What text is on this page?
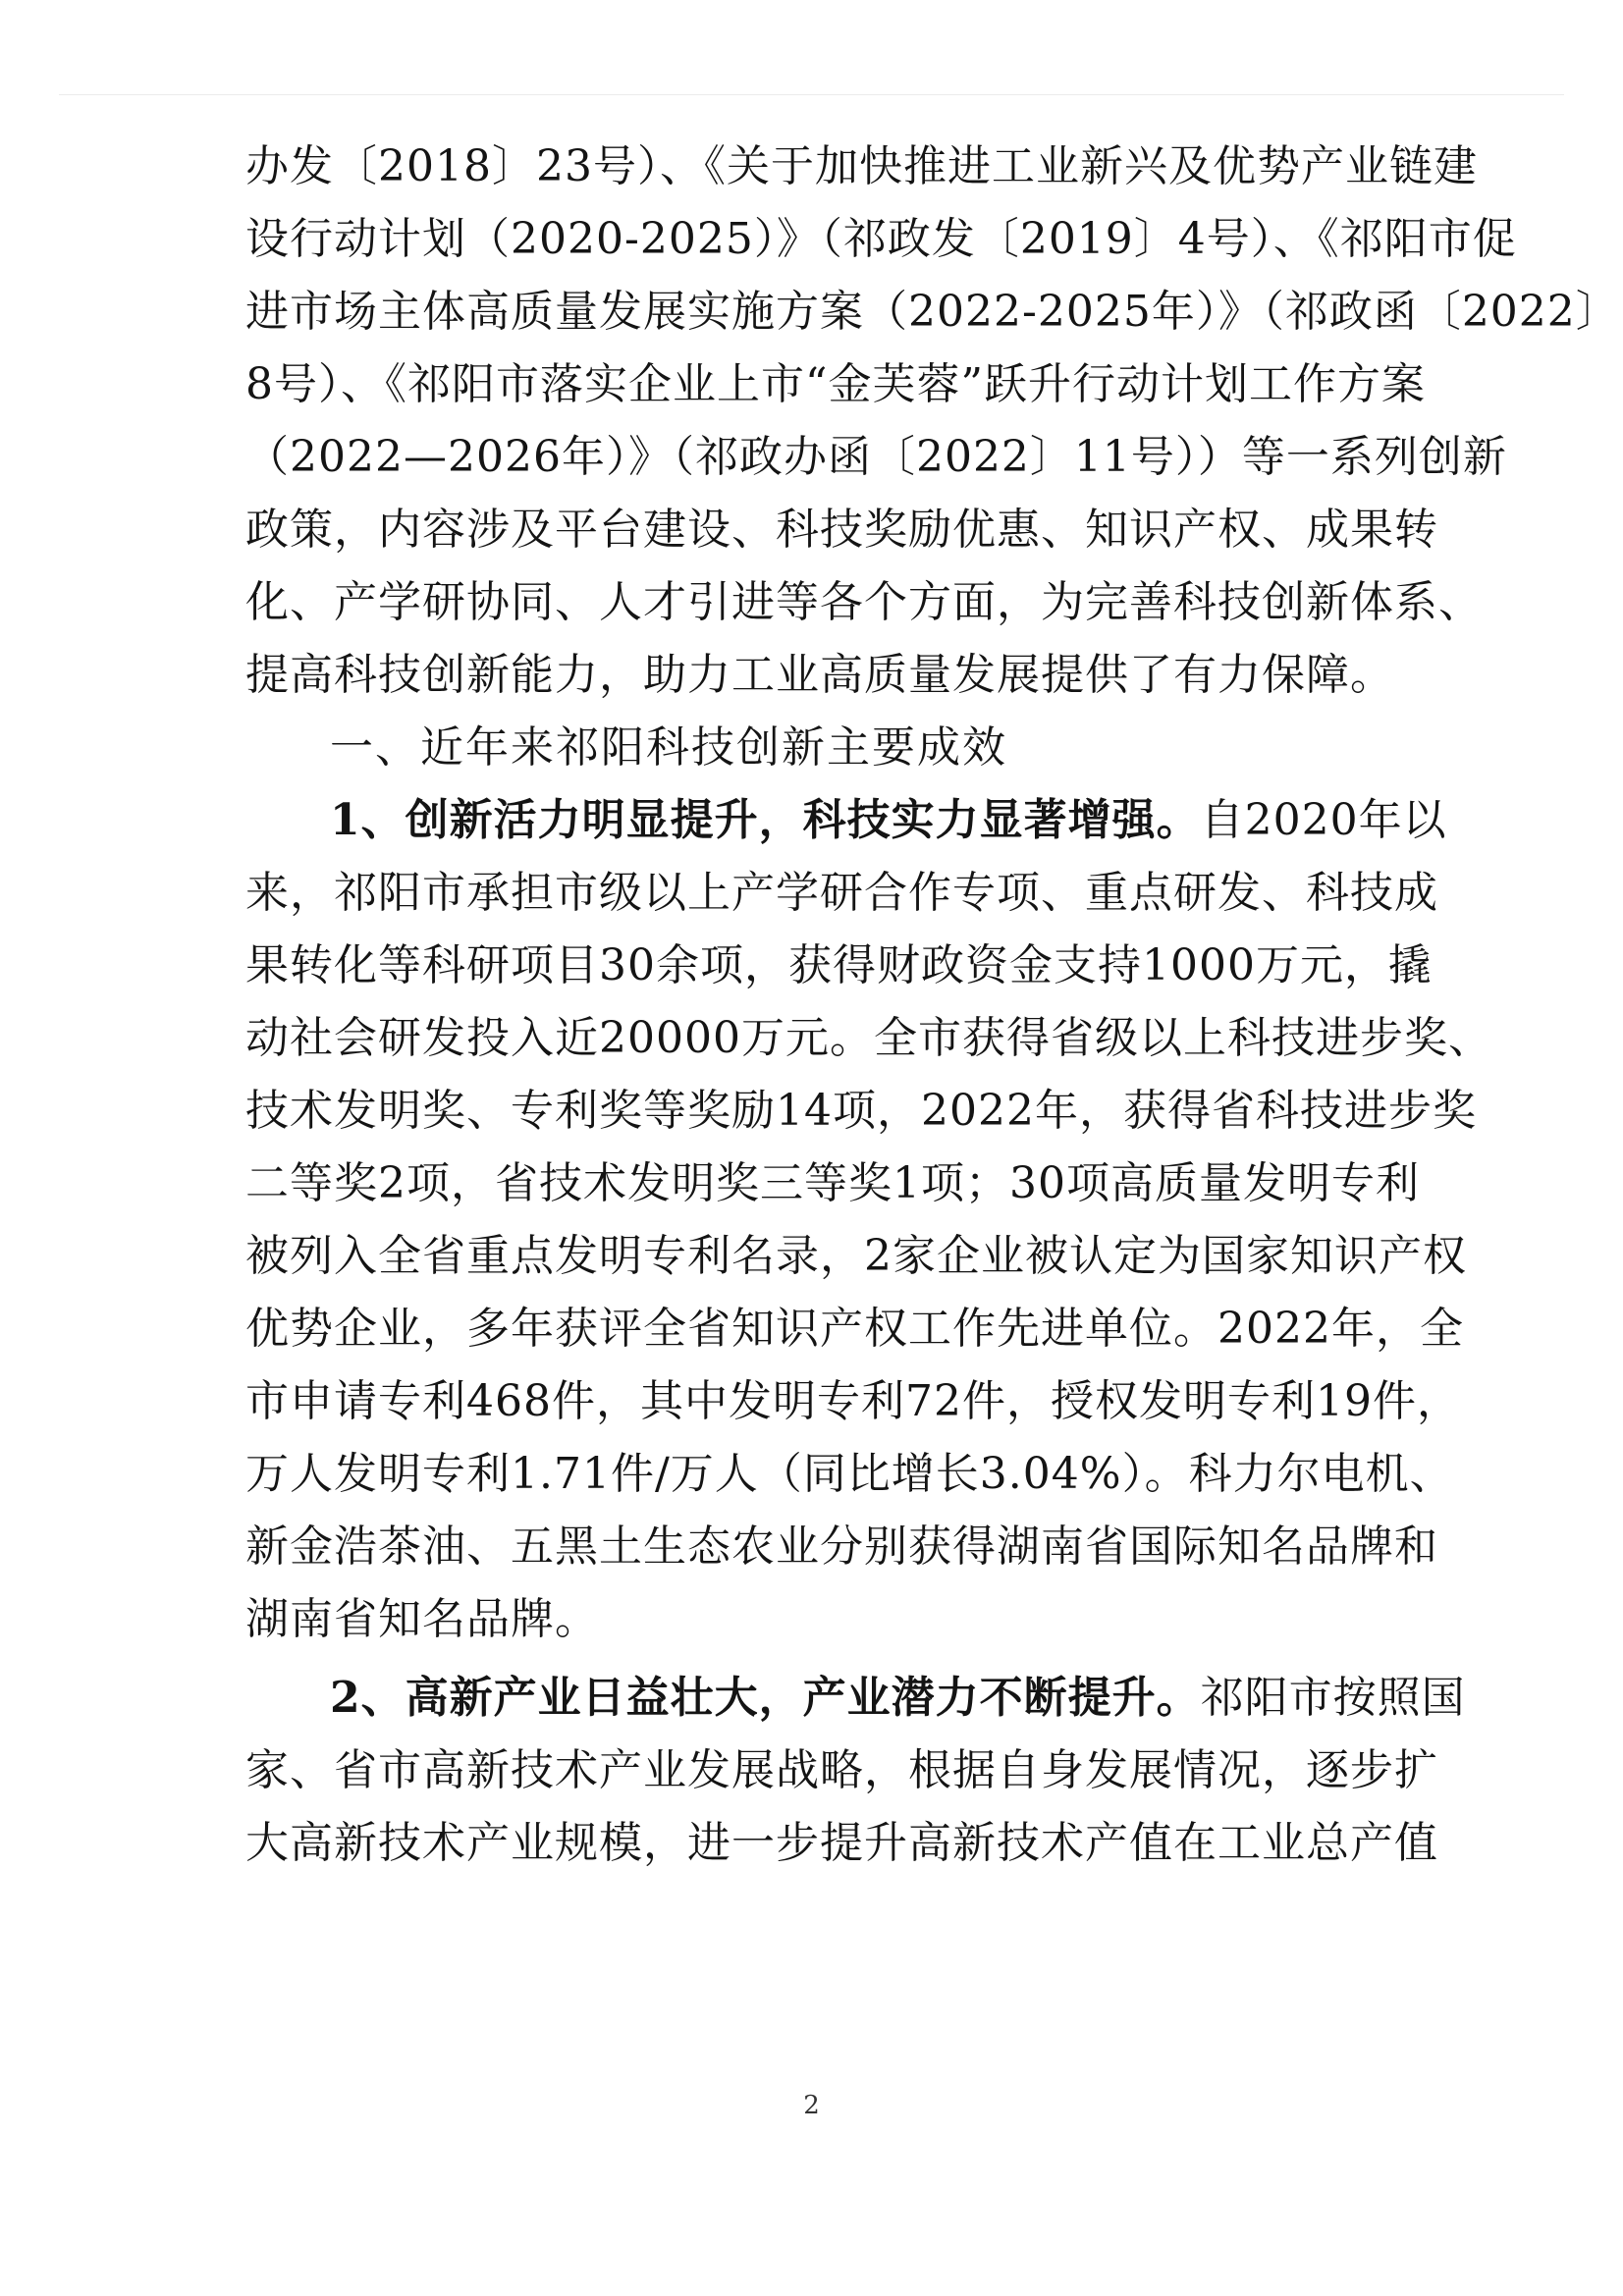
办发〔2018〕23号）、《关于加快推进工业新兴及优势产业链建
设行动计划（2020-2025）》（祁政发〔2019〕4号）、《祁阳市促
进市场主体高质量发展实施方案（2022-2025年）》（祁政函〔2022〕
8号）、《祁阳市落实企业上市“金芙蓉”跃升行动计划工作方案
（2022—2026年）》（祁政办函〔2022〕11号））等一系列创新
政策，内容涉及平台建设、科技奖励优惠、知识产权、成果转
化、产学研协同、人才引进等各个方面，为完善科技创新体系、
提高科技创新能力，助力工业高质量发展提供了有力保障。
一、近年来祁阳科技创新主要成效
1、创新活力明显提升，科技实力显著增强。自2020年以
来，祁阳市承担市级以上产学研合作专项、重点研发、科技成
果转化等科研项目30余项，获得财政资金支持1000万元，撬
动社会研发投入近20000万元。全市获得省级以上科技进步奖、
技术发明奖、专利奖等奖励14项，2022年，获得省科技进步奖
二等奖2项，省技术发明奖三等奖1项；30项高质量发明专利
被列入全省重点发明专利名录，2家企业被认定为国家知识产权
优势企业，多年获评全省知识产权工作先进单位。2022年，全
市申请专利468件，其中发明专利72件，授权发明专利19件，
万人发明专利1.71件/万人（同比增长3.04%）。科力尔电机、
新金浩茶油、五黑土生态农业分别获得湖南省国际知名品牌和
湖南省知名品牌。
2、高新产业日益壮大，产业潜力不断提升。祁阳市按照国
家、省市高新技术产业发展战略，根据自身发展情况，逐步扩
大高新技术产业规模，进一步提升高新技术产值在工业总产值
2
